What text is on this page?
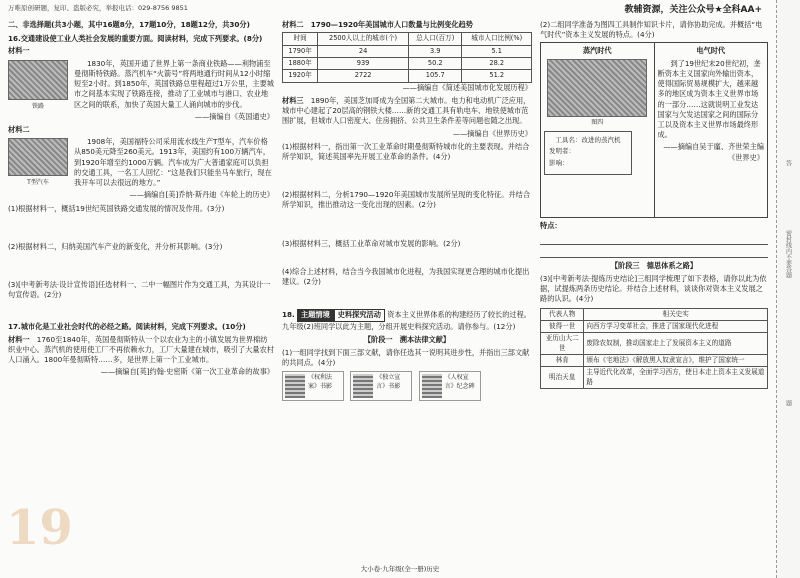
万唯原创研题，复印、盗版必究，举报电话：029-8756 9851	教辅资源，关注公众号★全科AA+

二、非选择题(共3小题，其中16题8分，17题10分，18题12分，共30分)

16.交通建设使工业人类社会发展的重要方面。阅读材料，完成下列要求。(8分)

材料一

铁路

1830年，英国开通了世界上第一条商业铁路——利物浦至曼彻斯特铁路。蒸汽机车“火箭号”将两地通行时间从12小时缩短至2小时。到1850年，英国铁路总里程超过1万公里，主要城市之间基本实现了铁路连接，推动了工业城市与港口、农业地区之间的联系，加快了英国大量工人涌向城市的步伐。

——摘编自《英国通史》

材料二

T型汽车

1908年，美国福特公司采用流水线生产T型车，汽车价格从850美元降至260美元。1913年，美国约有100万辆汽车，到1920年增至约1000万辆。汽车成为广大普通家庭可以负担的交通工具，一名工人回忆：“这是我们只能坐马车旅行，现在我开车可以去很远的地方。”

——摘编自[美]乔纳·斯丹迪《车轮上的历史》

(1)根据材料一，概括19世纪英国铁路交通发展的情况及作用。(3分)

(2)根据材料二，归纳美国汽车产业的新变化，并分析其影响。(3分)

(3)[中考新考法·设计宣传语]任选材料一、二中一幅图片作为交通工具，为其设计一句宣传语。(2分)

17.城市化是工业社会时代的必经之路。阅读材料，完成下列要求。(10分)

材料一　 1760至1840年，英国曼彻斯特从一个以农业为主的小镇发展为世界棉纺织业中心。蒸汽机的使用使工厂不再依赖水力，工厂大量建在城市，吸引了大量农村人口涌入。1800年曼彻斯特……多，是世界上第一个工业城市。

——摘编自[英]约翰·史密斯《第一次工业革命的故事》

19

材料二　1790—1920年美国城市人口数量与比例变化趋势

时间	2500人以上的城市(个)	总人口(百万)	城市人口比例(%)
1790年	24	3.9	5.1
1880年	939	50.2	28.2
1920年	2722	105.7	51.2

——摘编自《简述美国城市化发展历程》

材料三　 1890年，美国芝加哥成为全国第二大城市。电力和电动机广泛应用，城市中心建起了20层高的钢铁大楼……新的交通工具有轨电车、地铁使城市范围扩展，但城市人口密度大、住房拥挤、公共卫生条件差等问题也随之出现。

——摘编自《世界历史》

(1)根据材料一，指出第一次工业革命时期曼彻斯特城市化的主要表现。并结合所学知识，简述英国率先开展工业革命的条件。(4分)

(2)根据材料二，分析1790—1920年美国城市发展所呈现的变化特征。并结合所学知识，推出推动这一变化出现的因素。(2分)

(3)根据材料三，概括工业革命对城市发展的影响。(2分)

(4)综合上述材料，结合当今我国城市化进程，为我国实现更合理的城市化提出建议。(2分)

18. 主题情境 史料探究活动 资本主义世界体系的构建经历了较长的过程。九年级(2)班同学以此为主题，分组开展史料探究活动。请你参与。(12分)

【阶段一　溯本法律文献】

(1)一组同学找到下面三部文献，请你任选其一说明其进步性，并指出三部文献的共同点。(4分)

《权利法案》书影
《独立宣言》书影
《人权宣言》纪念碑

(2)二组同学准备为图四工具制作知识卡片，请你协助完成。并概括“电气时代”资本主义发展的特点。(4分)

蒸汽时代

图四

工具名：改进的蒸汽机

发明者：

影响：

电气时代

到了19世纪末20世纪初，垄断资本主义国家向外输出资本，使得国际贸易规模扩大，越来越多的地区成为资本主义世界市场的一部分……这就说明工业发达国家与欠发达国家之间的国际分工以及资本主义世界市场最终形成。

——摘编自吴于廑、齐世荣主编《世界史》

特点：

【阶段三　德思体系之路】

(3)[中考新考法·提炼历史结论]三组同学梳理了如下表格，请你以此为依据，试提炼两条历史结论。并结合上述材料，谈谈你对资本主义发展之路的认识。(4分)

代表人物	相关史实
彼得一世	向西方学习变革社会，推进了国家现代化进程
亚历山大二世	废除农奴制，推动国家走上了发展资本主义的道路
林肯	颁布《宅地法》《解放黑人奴隶宣言》，维护了国家统一
明治天皇	主导近代化改革，全面学习西方，使日本走上资本主义发展道路
答
密封线内不要答题
题
大小卷·九年级(全一册)历史
